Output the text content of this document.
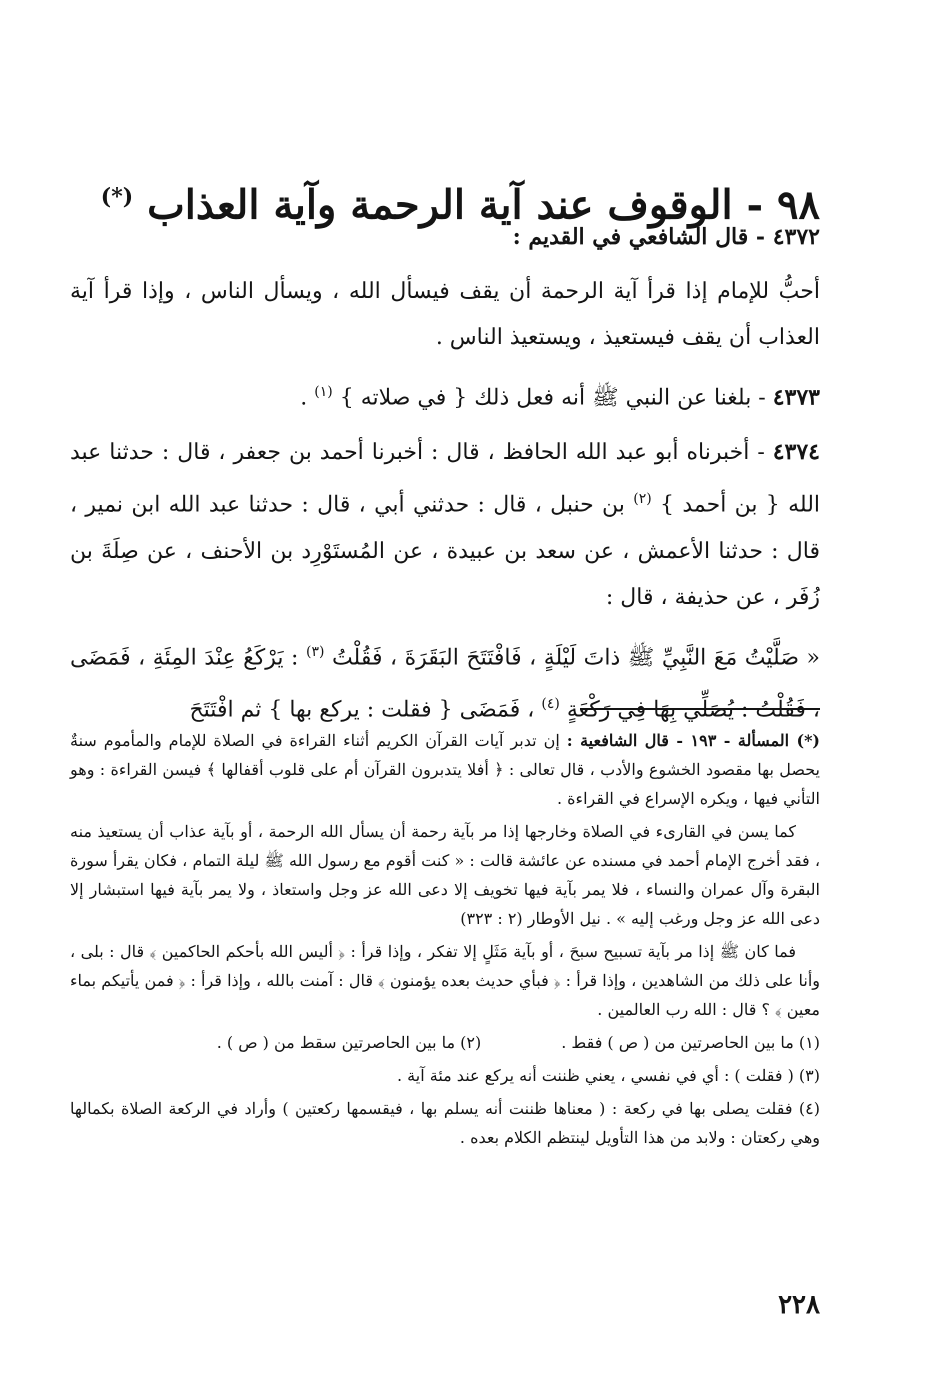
٩٨ - الوقوف عند آية الرحمة وآية العذاب (*)

٤٣٧٢ - قال الشافعي في القديم :

أحبُّ للإمام إذا قرأ آية الرحمة أن يقف فيسأل الله ، ويسأل الناس ، وإذا قرأ آية العذاب أن يقف فيستعيذ ، ويستعيذ الناس .

٤٣٧٣ - بلغنا عن النبي ﷺ أنه فعل ذلك { في صلاته } $^{(١)}$ .

٤٣٧٤ - أخبرناه أبو عبد الله الحافظ ، قال : أخبرنا أحمد بن جعفر ، قال : حدثنا عبد الله { بن أحمد } $^{(٢)}$ بن حنبل ، قال : حدثني أبي ، قال : حدثنا عبد الله ابن نمير ، قال : حدثنا الأعمش ، عن سعد بن عبيدة ، عن المُستَوْرِد بن الأحنف ، عن صِلَةَ بن زُفَر ، عن حذيفة ، قال :

« صَلَّيْتُ مَعَ النَّبِيِّ ﷺ ذاتَ لَيْلَةٍ ، فَافْتَتَحَ البَقَرَةَ ، فَقُلْتُ $^{(٣)}$ : يَرْكَعُ عِنْدَ المِئَةِ ، فَمَضَى ، فَقُلْتُ : يُصَلِّي بِهَا فِي رَكْعَةٍ $^{(٤)}$ ، فَمَضَى { فقلت : يركع بها } ثم افْتَتَحَ

(*) المسألة - ١٩٣ - قال الشافعية : إن تدبر آيات القرآن الكريم أثناء القراءة في الصلاة للإمام والمأموم سنةٌ يحصل بها مقصود الخشوع والأدب ، قال تعالى : ﴿ أفلا يتدبرون القرآن أم على قلوب أقفالها ﴾ فيسن القراءة : وهو التأني فيها ، ويكره الإسراع في القراءة .

كما يسن في القارىء في الصلاة وخارجها إذا مر بآية رحمة أن يسأل الله الرحمة ، أو بآية عذاب أن يستعيذ منه ، فقد أخرج الإمام أحمد في مسنده عن عائشة قالت : « كنت أقوم مع رسول الله ﷺ ليلة التمام ، فكان يقرأ سورة البقرة وآل عمران والنساء ، فلا يمر بآية فيها تخويف إلا دعى الله عز وجل واستعاذ ، ولا يمر بآية فيها استبشار إلا دعى الله عز وجل ورغب إليه » . نيل الأوطار (٢ : ٣٢٣)

فما كان ﷺ إذا مر بآية تسبيح سبحَ ، أو بآية مَثَلٍ إلا تفكر ، وإذا قرأ : ﴿ أليس الله بأحكم الحاكمين ﴾ قال : بلى ، وأنا على ذلك من الشاهدين ، وإذا قرأ : ﴿ فبأي حديث بعده يؤمنون ﴾ قال : آمنت بالله ، وإذا قرأ : ﴿ فمن يأتيكم بماء معين ﴾ ؟ قال : الله رب العالمين .

(١) ما بين الحاصرتين من ( ص ) فقط .
(٢) ما بين الحاصرتين سقط من ( ص ) .

(٣) ( فقلت ) : أي في نفسي ، يعني ظننت أنه يركع عند مئة آية .

(٤) فقلت يصلى بها في ركعة : ( معناها ظننت أنه يسلم بها ، فيقسمها ركعتين ) وأراد في الركعة الصلاة بكمالها وهي ركعتان : ولابد من هذا التأويل لينتظم الكلام بعده .

٢٢٨
